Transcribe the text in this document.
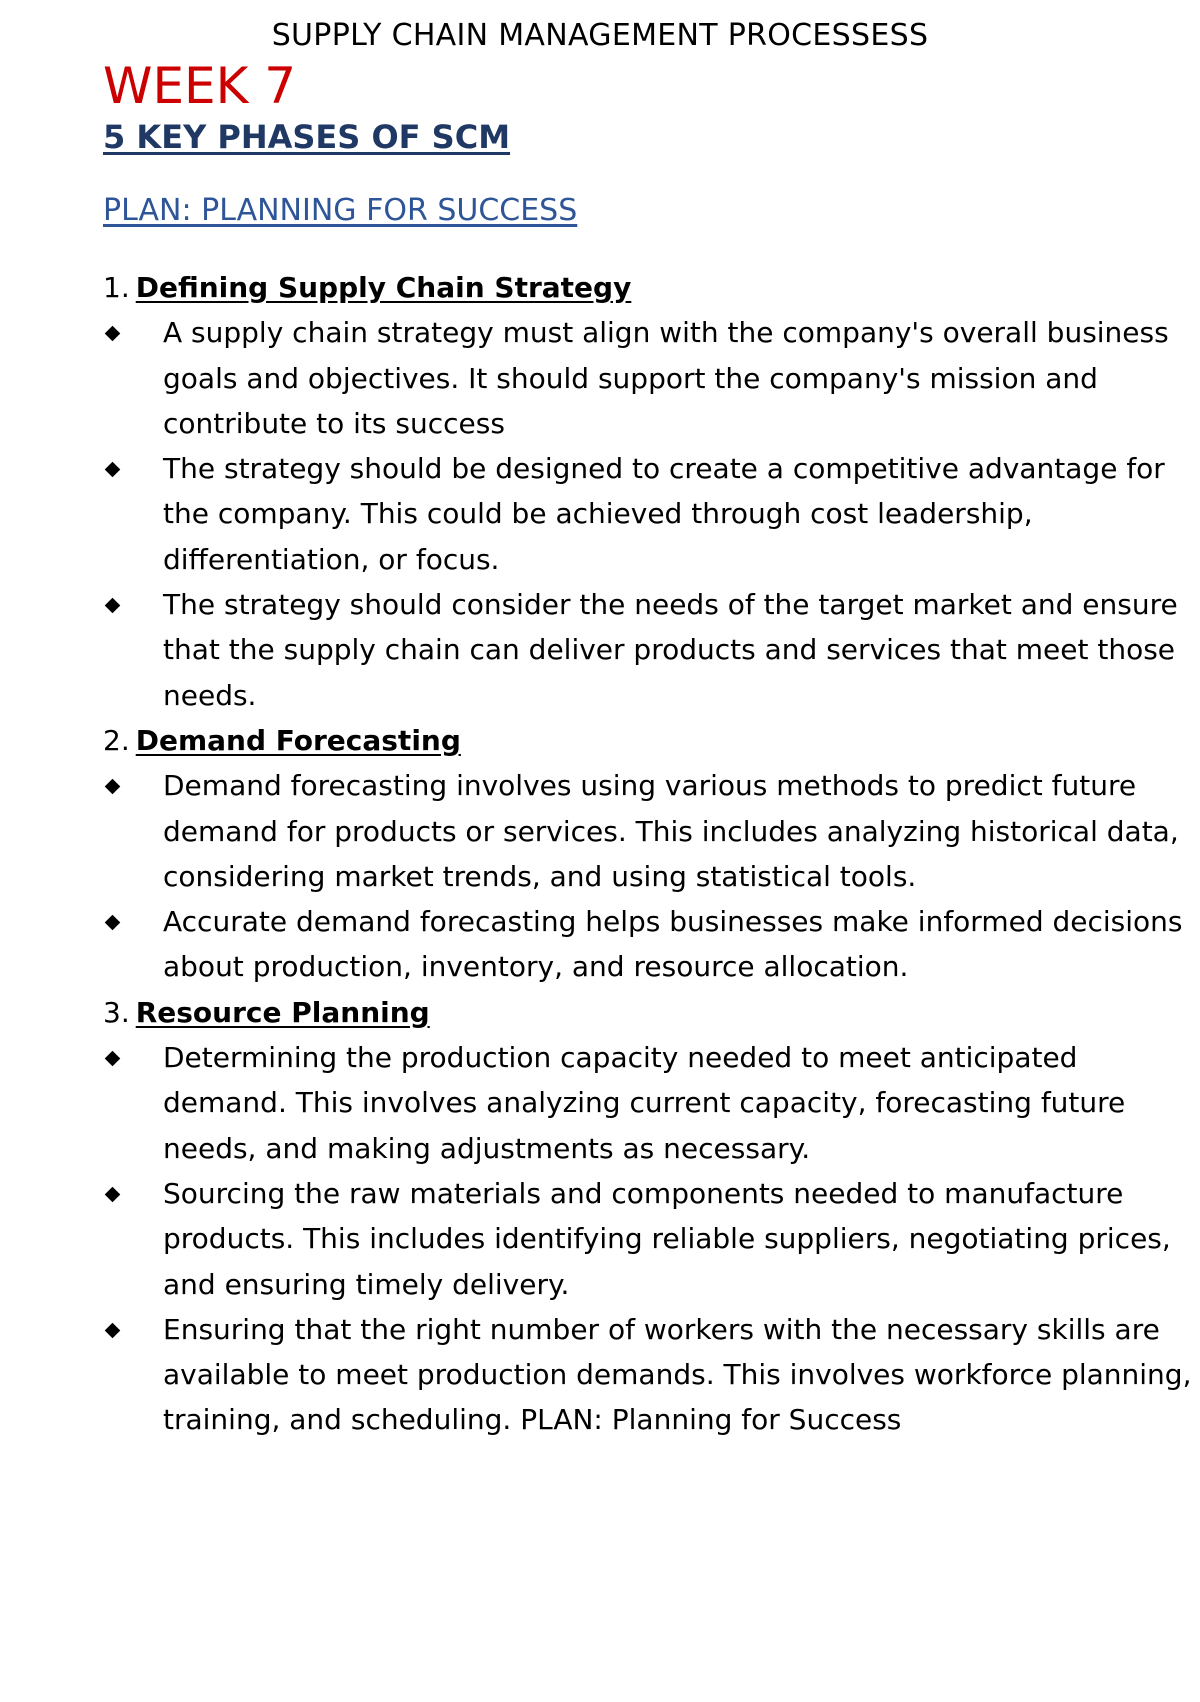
SUPPLY CHAIN MANAGEMENT PROCESSESS
WEEK 7
5 KEY PHASES OF SCM
PLAN: PLANNING FOR SUCCESS
1. Defining Supply Chain Strategy
A supply chain strategy must align with the company's overall business goals and objectives. It should support the company's mission and contribute to its success
The strategy should be designed to create a competitive advantage for the company. This could be achieved through cost leadership, differentiation, or focus.
The strategy should consider the needs of the target market and ensure that the supply chain can deliver products and services that meet those needs.
2. Demand Forecasting
Demand forecasting involves using various methods to predict future demand for products or services. This includes analyzing historical data, considering market trends, and using statistical tools.
Accurate demand forecasting helps businesses make informed decisions about production, inventory, and resource allocation.
3. Resource Planning
Determining the production capacity needed to meet anticipated demand. This involves analyzing current capacity, forecasting future needs, and making adjustments as necessary.
Sourcing the raw materials and components needed to manufacture products. This includes identifying reliable suppliers, negotiating prices, and ensuring timely delivery.
Ensuring that the right number of workers with the necessary skills are available to meet production demands. This involves workforce planning, training, and scheduling. PLAN: Planning for Success
